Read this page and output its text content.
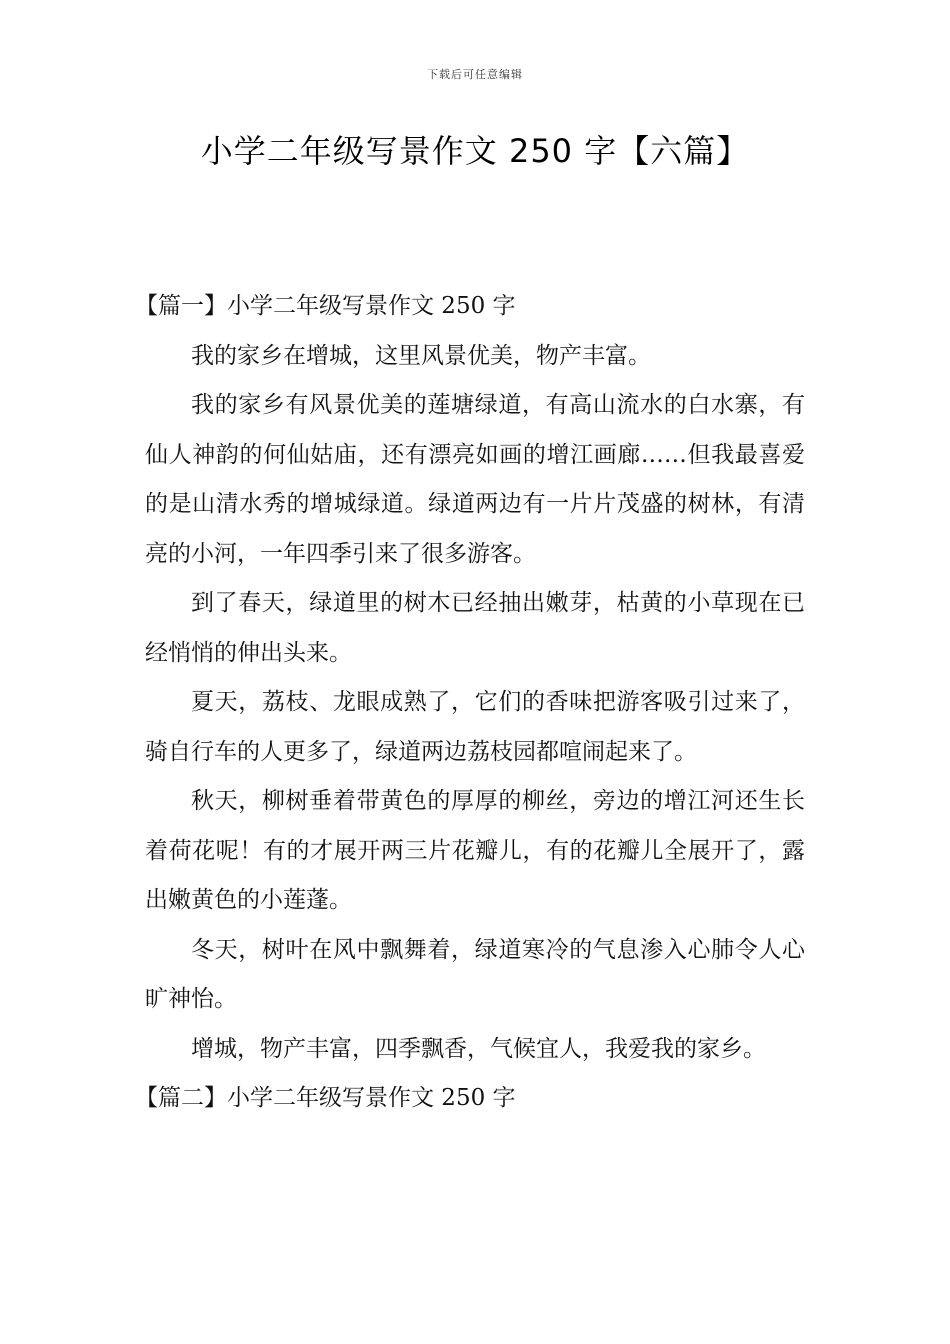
下载后可任意编辑
小学二年级写景作文 250 字【六篇】
【篇一】小学二年级写景作文 250 字

我的家乡在增城，这里风景优美，物产丰富。

我的家乡有风景优美的莲塘绿道，有高山流水的白水寨，有仙人神韵的何仙姑庙，还有漂亮如画的增江画廊……但我最喜爱的是山清水秀的增城绿道。绿道两边有一片片茂盛的树林，有清亮的小河，一年四季引来了很多游客。

到了春天，绿道里的树木已经抽出嫩芽，枯黄的小草现在已经悄悄的伸出头来。

夏天，荔枝、龙眼成熟了，它们的香味把游客吸引过来了，骑自行车的人更多了，绿道两边荔枝园都喧闹起来了。

秋天，柳树垂着带黄色的厚厚的柳丝，旁边的增江河还生长着荷花呢！有的才展开两三片花瓣儿，有的花瓣儿全展开了，露出嫩黄色的小莲蓬。

冬天，树叶在风中飘舞着，绿道寒冷的气息渗入心肺令人心旷神怡。

增城，物产丰富，四季飘香，气候宜人，我爱我的家乡。

【篇二】小学二年级写景作文 250 字
